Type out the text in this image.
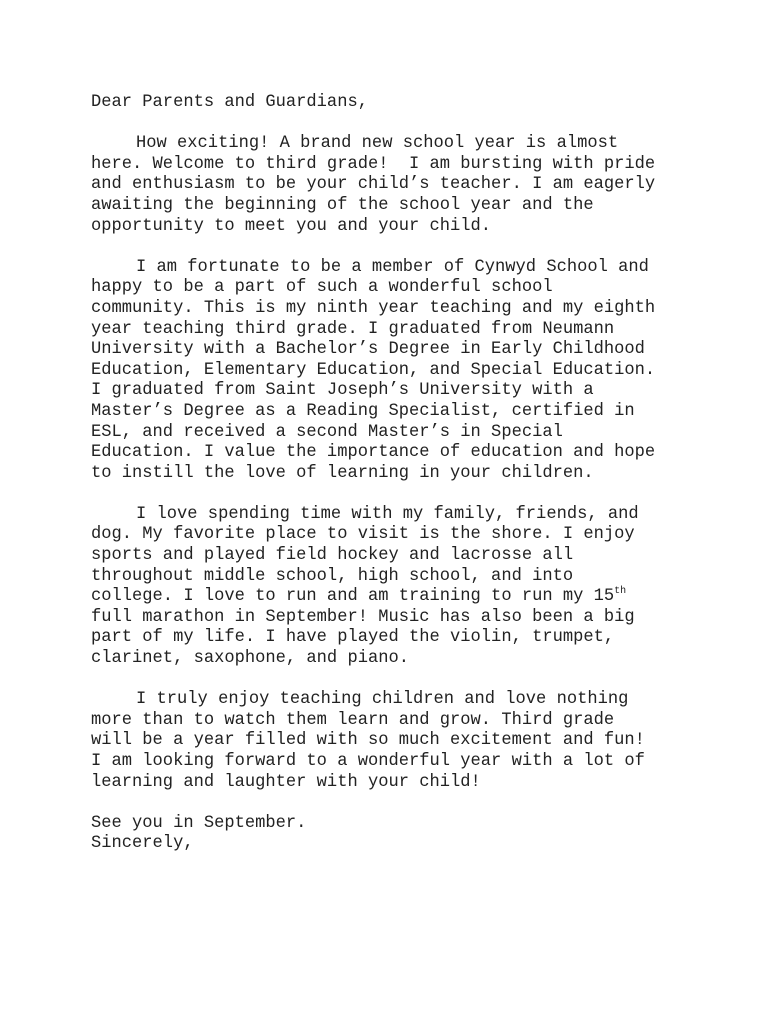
Dear Parents and Guardians,

How exciting! A brand new school year is almost
here. Welcome to third grade!  I am bursting with pride
and enthusiasm to be your child’s teacher. I am eagerly
awaiting the beginning of the school year and the
opportunity to meet you and your child.
I am fortunate to be a member of Cynwyd School and
happy to be a part of such a wonderful school
community. This is my ninth year teaching and my eighth
year teaching third grade. I graduated from Neumann
University with a Bachelor’s Degree in Early Childhood
Education, Elementary Education, and Special Education.
I graduated from Saint Joseph’s University with a
Master’s Degree as a Reading Specialist, certified in
ESL, and received a second Master’s in Special
Education. I value the importance of education and hope
to instill the love of learning in your children.
I love spending time with my family, friends, and
dog. My favorite place to visit is the shore. I enjoy
sports and played field hockey and lacrosse all
throughout middle school, high school, and into
college. I love to run and am training to run my 15th
full marathon in September! Music has also been a big
part of my life. I have played the violin, trumpet,
clarinet, saxophone, and piano.
I truly enjoy teaching children and love nothing
more than to watch them learn and grow. Third grade
will be a year filled with so much excitement and fun!
I am looking forward to a wonderful year with a lot of
learning and laughter with your child!

See you in September.

Sincerely,
